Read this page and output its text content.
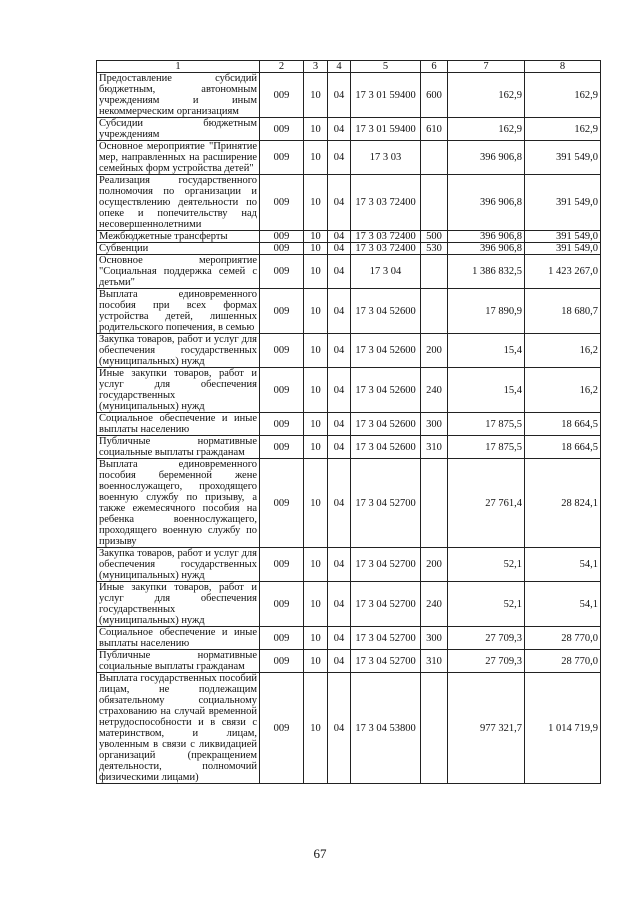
1	2	3	4	5	6	7	8
Предоставление субсидий бюджетным, автономным учреждениям и иным некоммерческим организациям	009	10	04	17 3 01 59400	600	162,9	162,9
Субсидии бюджетным учреждениям	009	10	04	17 3 01 59400	610	162,9	162,9
Основное мероприятие "Принятие мер, направленных на расширение семейных форм устройства детей"	009	10	04	17 3 03		396 906,8	391 549,0
Реализация государственного полномочия по организации и осуществлению деятельности по опеке и попечительству над несовершеннолетними	009	10	04	17 3 03 72400		396 906,8	391 549,0
Межбюджетные трансферты	009	10	04	17 3 03 72400	500	396 906,8	391 549,0
Субвенции	009	10	04	17 3 03 72400	530	396 906,8	391 549,0
Основное мероприятие "Социальная поддержка семей с детьми"	009	10	04	17 3 04		1 386 832,5	1 423 267,0
Выплата единовременного пособия при всех формах устройства детей, лишенных родительского попечения, в семью	009	10	04	17 3 04 52600		17 890,9	18 680,7
Закупка товаров, работ и услуг для обеспечения государственных (муниципальных) нужд	009	10	04	17 3 04 52600	200	15,4	16,2
Иные закупки товаров, работ и услуг для обеспечения государственных (муниципальных) нужд	009	10	04	17 3 04 52600	240	15,4	16,2
Социальное обеспечение и иные выплаты населению	009	10	04	17 3 04 52600	300	17 875,5	18 664,5
Публичные нормативные социальные выплаты гражданам	009	10	04	17 3 04 52600	310	17 875,5	18 664,5
Выплата единовременного пособия беременной жене военнослужащего, проходящего военную службу по призыву, а также ежемесячного пособия на ребенка военнослужащего, проходящего военную службу по призыву	009	10	04	17 3 04 52700		27 761,4	28 824,1
Закупка товаров, работ и услуг для обеспечения государственных (муниципальных) нужд	009	10	04	17 3 04 52700	200	52,1	54,1
Иные закупки товаров, работ и услуг для обеспечения государственных (муниципальных) нужд	009	10	04	17 3 04 52700	240	52,1	54,1
Социальное обеспечение и иные выплаты населению	009	10	04	17 3 04 52700	300	27 709,3	28 770,0
Публичные нормативные социальные выплаты гражданам	009	10	04	17 3 04 52700	310	27 709,3	28 770,0
Выплата государственных пособий лицам, не подлежащим обязательному социальному страхованию на случай временной нетрудоспособности и в связи с материнством, и лицам, уволенным в связи с ликвидацией организаций (прекращением деятельности, полномочий физическими лицами)	009	10	04	17 3 04 53800		977 321,7	1 014 719,9
67
